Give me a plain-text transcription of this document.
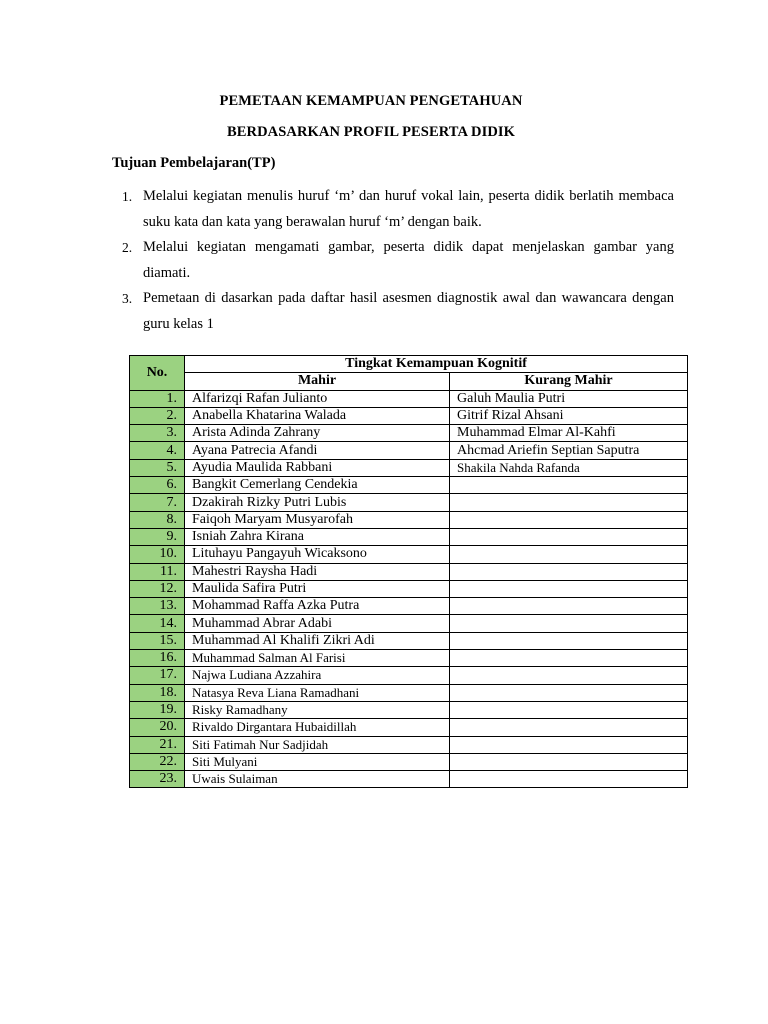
PEMETAAN KEMAMPUAN PENGETAHUAN
BERDASARKAN PROFIL PESERTA DIDIK
Tujuan Pembelajaran(TP)
1. Melalui kegiatan menulis huruf ‘m’ dan huruf vokal lain, peserta didik berlatih membaca suku kata dan kata yang berawalan huruf ‘m’ dengan baik.
2. Melalui kegiatan mengamati gambar, peserta didik dapat menjelaskan gambar yang diamati.
3. Pemetaan di dasarkan pada daftar hasil asesmen diagnostik awal dan wawancara dengan guru kelas 1
No.	Tingkat Kemampuan Kognitif	
	Mahir	Kurang Mahir
1.	Alfarizqi Rafan Julianto	Galuh Maulia Putri
2.	Anabella Khatarina Walada	Gitrif Rizal Ahsani
3.	Arista Adinda Zahrany	Muhammad Elmar Al-Kahfi
4.	Ayana Patrecia Afandi	Ahcmad Ariefin Septian Saputra
5.	Ayudia Maulida Rabbani	Shakila Nahda Rafanda
6.	Bangkit Cemerlang Cendekia	
7.	Dzakirah Rizky Putri Lubis	
8.	Faiqoh Maryam Musyarofah	
9.	Isniah Zahra Kirana	
10.	Lituhayu Pangayuh Wicaksono	
11.	Mahestri Raysha Hadi	
12.	Maulida Safira Putri	
13.	Mohammad Raffa Azka Putra	
14.	Muhammad Abrar Adabi	
15.	Muhammad Al Khalifi Zikri Adi	
16.	Muhammad Salman Al Farisi	
17.	Najwa Ludiana Azzahira	
18.	Natasya Reva Liana Ramadhani	
19.	Risky Ramadhany	
20.	Rivaldo Dirgantara Hubaidillah	
21.	Siti Fatimah Nur Sadjidah	
22.	Siti Mulyani	
23.	Uwais Sulaiman	
